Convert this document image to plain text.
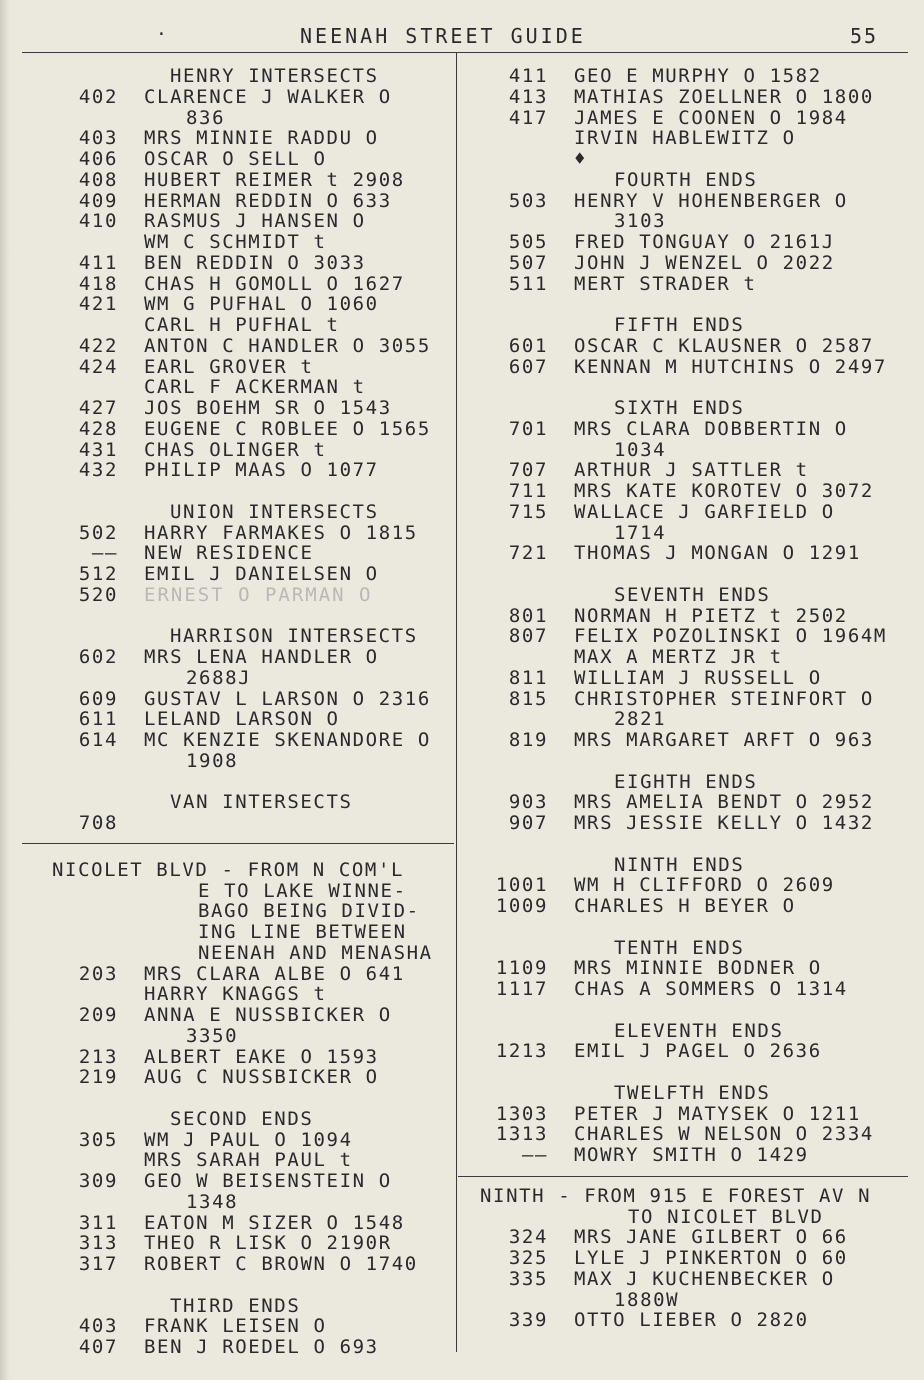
·	NEENAH STREET GUIDE	55
HENRY INTERSECTS
402 CLARENCE J WALKER O
836
403 MRS MINNIE RADDU O
406 OSCAR O SELL O
408 HUBERT REIMER t 2908
409 HERMAN REDDIN O 633
410 RASMUS J HANSEN O
WM C SCHMIDT t
411 BEN REDDIN O 3033
418 CHAS H GOMOLL O 1627
421 WM G PUFHAL O 1060
CARL H PUFHAL t
422 ANTON C HANDLER O 3055
424 EARL GROVER t
CARL F ACKERMAN t
427 JOS BOEHM SR O 1543
428 EUGENE C ROBLEE O 1565
431 CHAS OLINGER t
432 PHILIP MAAS O 1077
UNION INTERSECTS
502 HARRY FARMAKES O 1815
—— NEW RESIDENCE
512 EMIL J DANIELSEN O
520 ERNEST O PARMAN O
HARRISON INTERSECTS
602 MRS LENA HANDLER O
2688J
609 GUSTAV L LARSON O 2316
611 LELAND LARSON O
614 MC KENZIE SKENANDORE O
1908
VAN INTERSECTS
708
NICOLET BLVD - FROM N COM'L
E TO LAKE WINNE-
BAGO BEING DIVID-
ING LINE BETWEEN
NEENAH AND MENASHA
203 MRS CLARA ALBE O 641
HARRY KNAGGS t
209 ANNA E NUSSBICKER O
3350
213 ALBERT EAKE O 1593
219 AUG C NUSSBICKER O
SECOND ENDS
305 WM J PAUL O 1094
MRS SARAH PAUL t
309 GEO W BEISENSTEIN O
1348
311 EATON M SIZER O 1548
313 THEO R LISK O 2190R
317 ROBERT C BROWN O 1740
THIRD ENDS
403 FRANK LEISEN O
407 BEN J ROEDEL O 693
411 GEO E MURPHY O 1582
413 MATHIAS ZOELLNER O 1800
417 JAMES E COONEN O 1984
IRVIN HABLEWITZ O
♦
FOURTH ENDS
503 HENRY V HOHENBERGER O
3103
505 FRED TONGUAY O 2161J
507 JOHN J WENZEL O 2022
511 MERT STRADER t
FIFTH ENDS
601 OSCAR C KLAUSNER O 2587
607 KENNAN M HUTCHINS O 2497
SIXTH ENDS
701 MRS CLARA DOBBERTIN O
1034
707 ARTHUR J SATTLER t
711 MRS KATE KOROTEV O 3072
715 WALLACE J GARFIELD O
1714
721 THOMAS J MONGAN O 1291
SEVENTH ENDS
801 NORMAN H PIETZ t 2502
807 FELIX POZOLINSKI O 1964M
MAX A MERTZ JR t
811 WILLIAM J RUSSELL O
815 CHRISTOPHER STEINFORT O
2821
819 MRS MARGARET ARFT O 963
EIGHTH ENDS
903 MRS AMELIA BENDT O 2952
907 MRS JESSIE KELLY O 1432
NINTH ENDS
1001 WM H CLIFFORD O 2609
1009 CHARLES H BEYER O
TENTH ENDS
1109 MRS MINNIE BODNER O
1117 CHAS A SOMMERS O 1314
ELEVENTH ENDS
1213 EMIL J PAGEL O 2636
TWELFTH ENDS
1303 PETER J MATYSEK O 1211
1313 CHARLES W NELSON O 2334
—— MOWRY SMITH O 1429
NINTH - FROM 915 E FOREST AV N
TO NICOLET BLVD
324 MRS JANE GILBERT O 66
325 LYLE J PINKERTON O 60
335 MAX J KUCHENBECKER O
1880W
339 OTTO LIEBER O 2820
